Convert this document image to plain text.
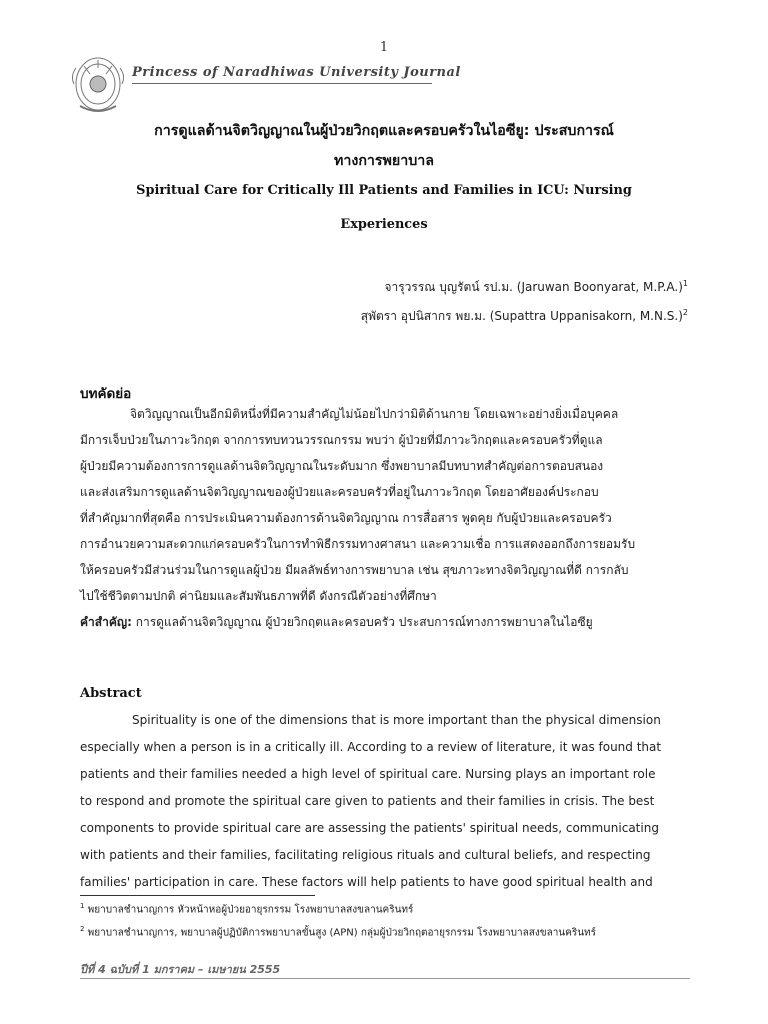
1
Princess of Naradhiwas University Journal
การดูแลด้านจิตวิญญาณในผู้ป่วยวิกฤตและครอบครัวในไอซียู: ประสบการณ์
ทางการพยาบาล
Spiritual Care for Critically Ill Patients and Families in ICU: Nursing
Experiences
จารุวรรณ บุญรัตน์ รป.ม. (Jaruwan Boonyarat, M.P.A.)$^1$
สุพัตรา อุปนิสากร พย.ม. (Supattra Uppanisakorn, M.N.S.)$^2$
บทคัดย่อ
จิตวิญญาณเป็นอีกมิติหนึ่งที่มีความสำคัญไม่น้อยไปกว่ามิติด้านกาย โดยเฉพาะอย่างยิ่งเมื่อบุคคล
มีการเจ็บป่วยในภาวะวิกฤต จากการทบทวนวรรณกรรม พบว่า ผู้ป่วยที่มีภาวะวิกฤตและครอบครัวที่ดูแล
ผู้ป่วยมีความต้องการการดูแลด้านจิตวิญญาณในระดับมาก ซึ่งพยาบาลมีบทบาทสำคัญต่อการตอบสนอง
และส่งเสริมการดูแลด้านจิตวิญญาณของผู้ป่วยและครอบครัวที่อยู่ในภาวะวิกฤต โดยอาศัยองค์ประกอบ
ที่สำคัญมากที่สุดคือ การประเมินความต้องการด้านจิตวิญญาณ การสื่อสาร พูดคุย กับผู้ป่วยและครอบครัว
การอำนวยความสะดวกแก่ครอบครัวในการทำพิธีกรรมทางศาสนา และความเชื่อ การแสดงออกถึงการยอมรับ
ให้ครอบครัวมีส่วนร่วมในการดูแลผู้ป่วย มีผลลัพธ์ทางการพยาบาล เช่น สุขภาวะทางจิตวิญญาณที่ดี การกลับ
ไปใช้ชีวิตตามปกติ ค่านิยมและสัมพันธภาพที่ดี ดังกรณีตัวอย่างที่ศึกษา
คำสำคัญ: การดูแลด้านจิตวิญญาณ ผู้ป่วยวิกฤตและครอบครัว ประสบการณ์ทางการพยาบาลในไอซียู
Abstract
Spirituality is one of the dimensions that is more important than the physical dimension
especially when a person is in a critically ill. According to a review of literature, it was found that
patients and their families needed a high level of spiritual care. Nursing plays an important role
to respond and promote the spiritual care given to patients and their families in crisis. The best
components to provide spiritual care are assessing the patients' spiritual needs, communicating
with patients and their families, facilitating religious rituals and cultural beliefs, and respecting
families' participation in care. These factors will help patients to have good spiritual health and
$^1$ พยาบาลชำนาญการ หัวหน้าหอผู้ป่วยอายุรกรรม โรงพยาบาลสงขลานครินทร์
$^2$ พยาบาลชำนาญการ, พยาบาลผู้ปฏิบัติการพยาบาลขั้นสูง (APN) กลุ่มผู้ป่วยวิกฤตอายุรกรรม โรงพยาบาลสงขลานครินทร์
ปีที่ 4 ฉบับที่ 1 มกราคม – เมษายน 2555
